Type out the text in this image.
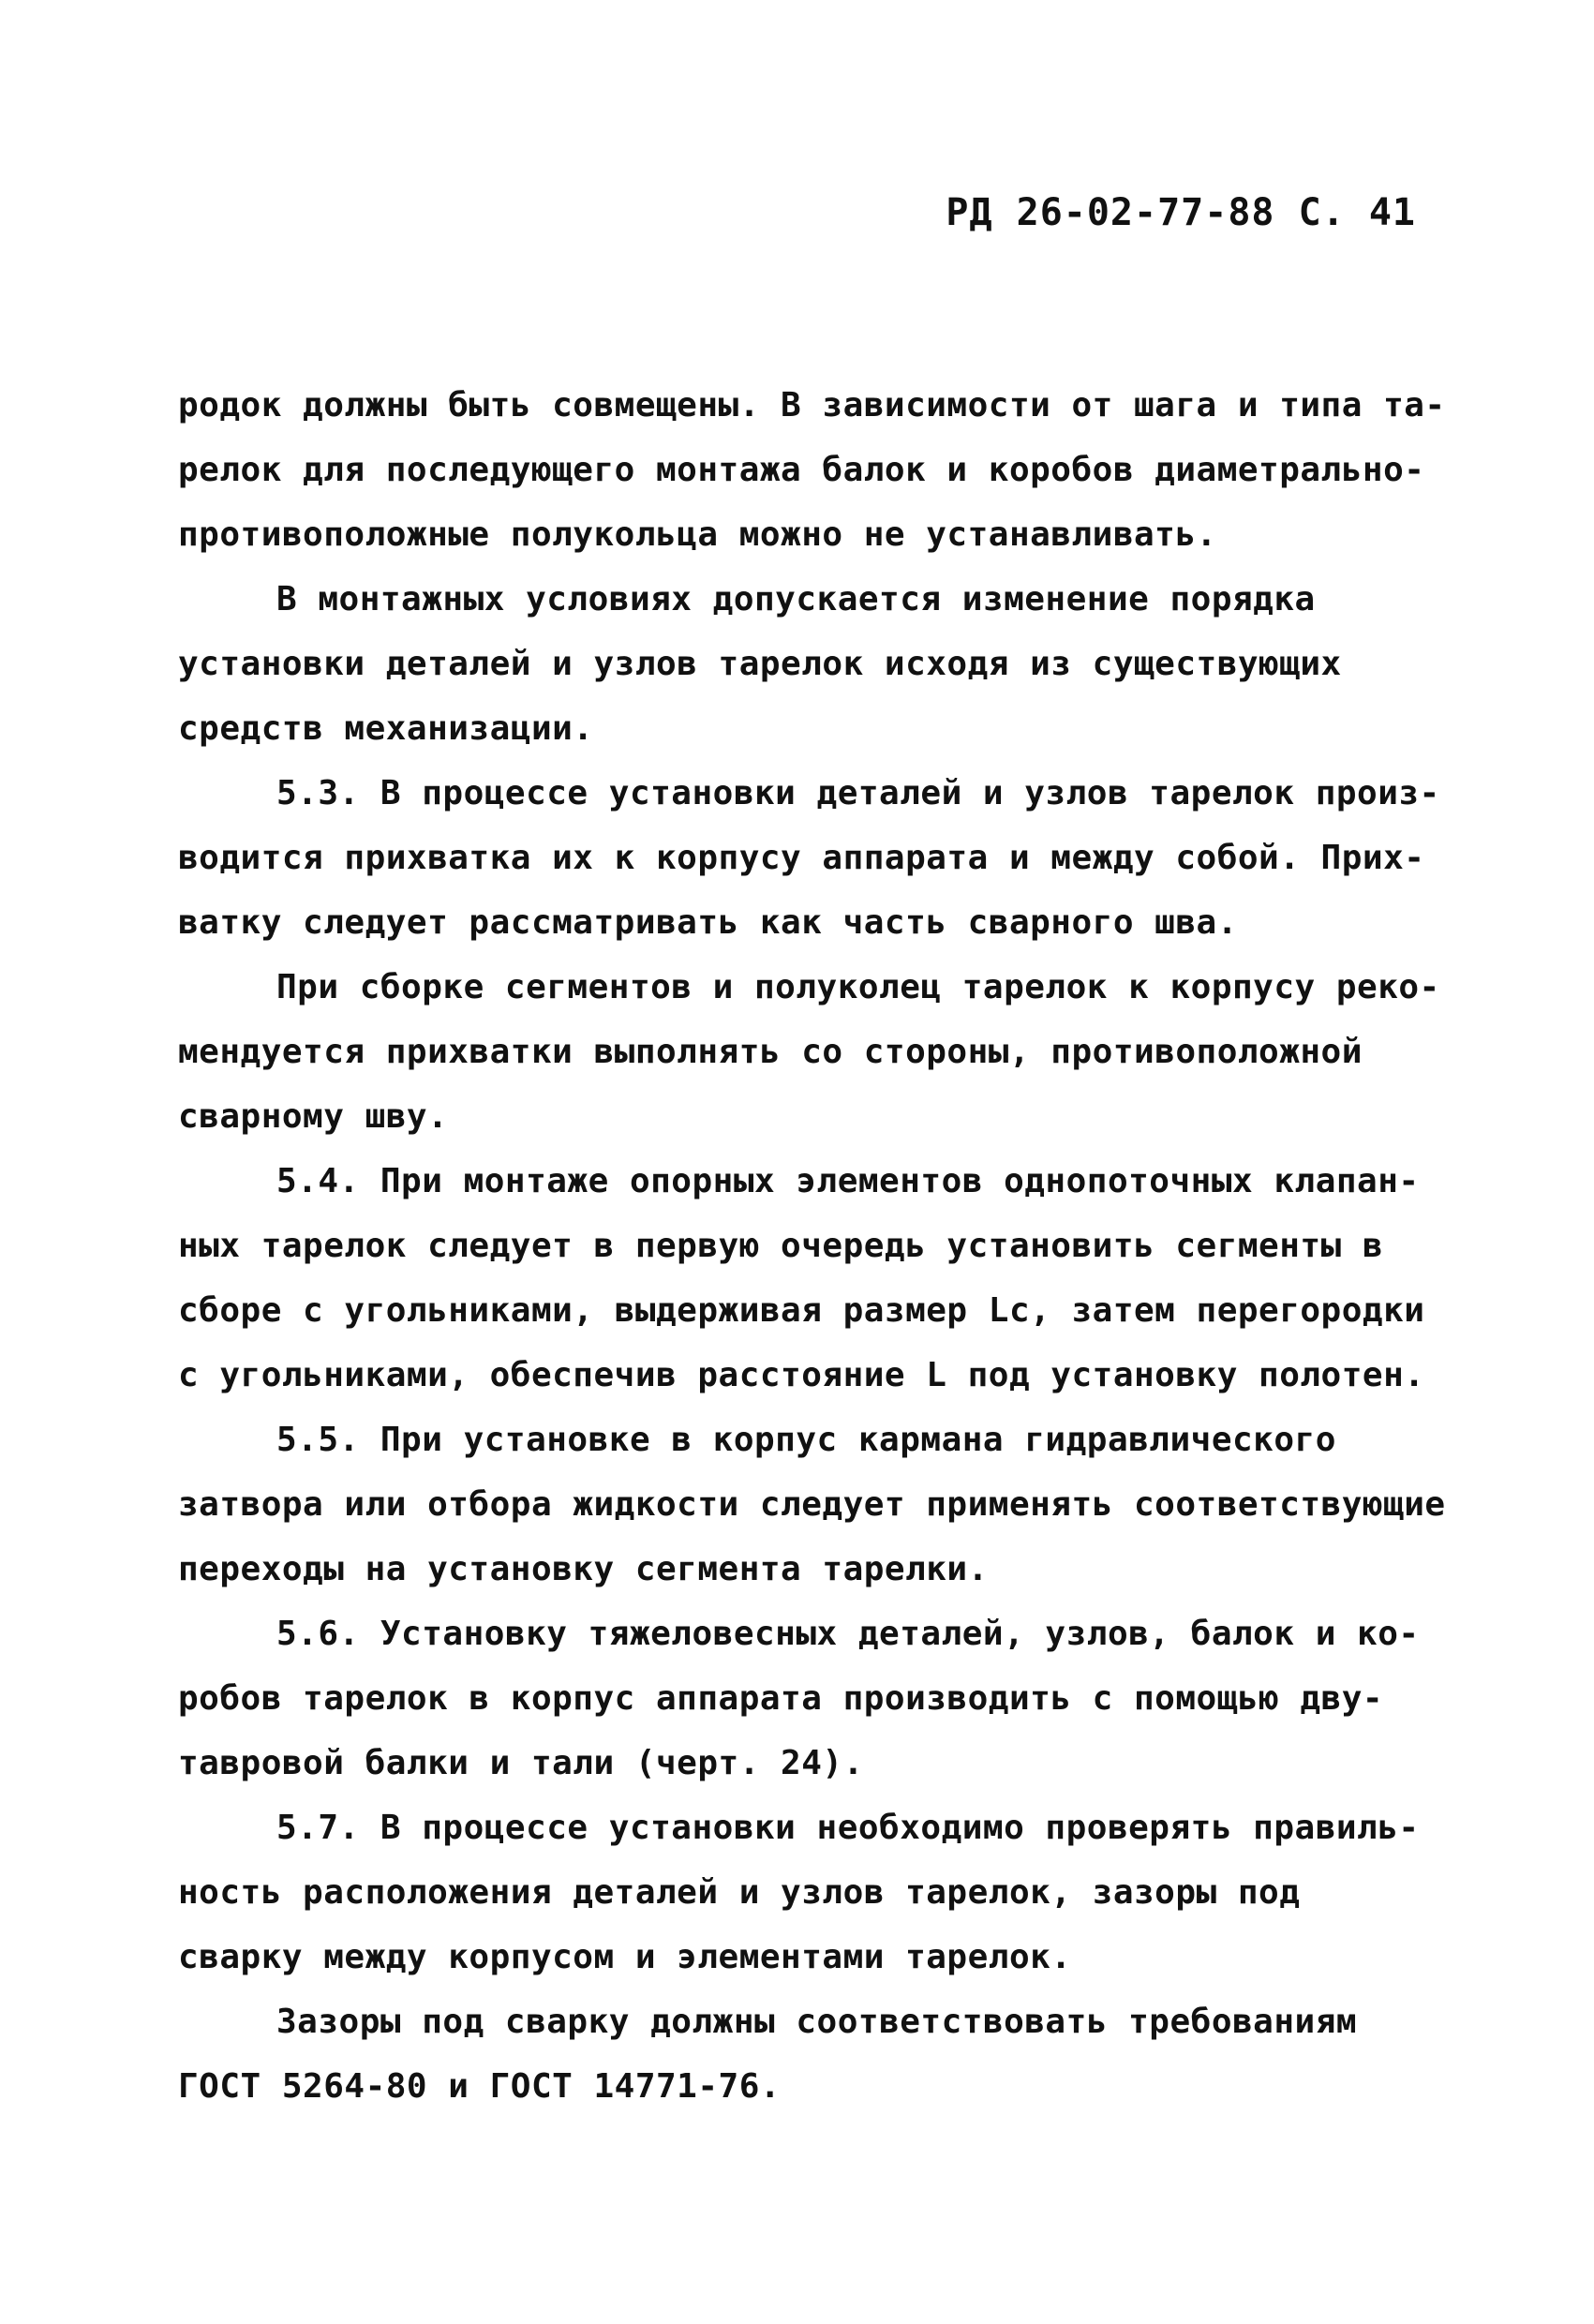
РД 26-02-77-88 С. 41
родок должны быть совмещены. В зависимости от шага и типа та-
релок для последующего монтажа балок и коробов диаметрально-
противоположные полукольца можно не устанавливать.
В монтажных условиях допускается изменение порядка
установки деталей и узлов тарелок исходя из существующих
средств механизации.
5.3. В процессе установки деталей и узлов тарелок произ-
водится прихватка их к корпусу аппарата и между собой. Прих-
ватку следует рассматривать как часть сварного шва.
При сборке сегментов и полуколец тарелок к корпусу реко-
мендуется прихватки выполнять со стороны, противоположной
сварному шву.
5.4. При монтаже опорных элементов однопоточных клапан-
ных тарелок следует в первую очередь установить сегменты в
сборе с угольниками, выдерживая размер Lс, затем перегородки
с угольниками, обеспечив расстояние L под установку полотен.
5.5. При установке в корпус кармана гидравлического
затвора или отбора жидкости следует применять соответствующие
переходы на установку сегмента тарелки.
5.6. Установку тяжеловесных деталей, узлов, балок и ко-
робов тарелок в корпус аппарата производить с помощью дву-
тавровой балки и тали (черт. 24).
5.7. В процессе установки необходимо проверять правиль-
ность расположения деталей и узлов тарелок, зазоры под
сварку между корпусом и элементами тарелок.
Зазоры под сварку должны соответствовать требованиям
ГОСТ 5264-80 и ГОСТ 14771-76.
